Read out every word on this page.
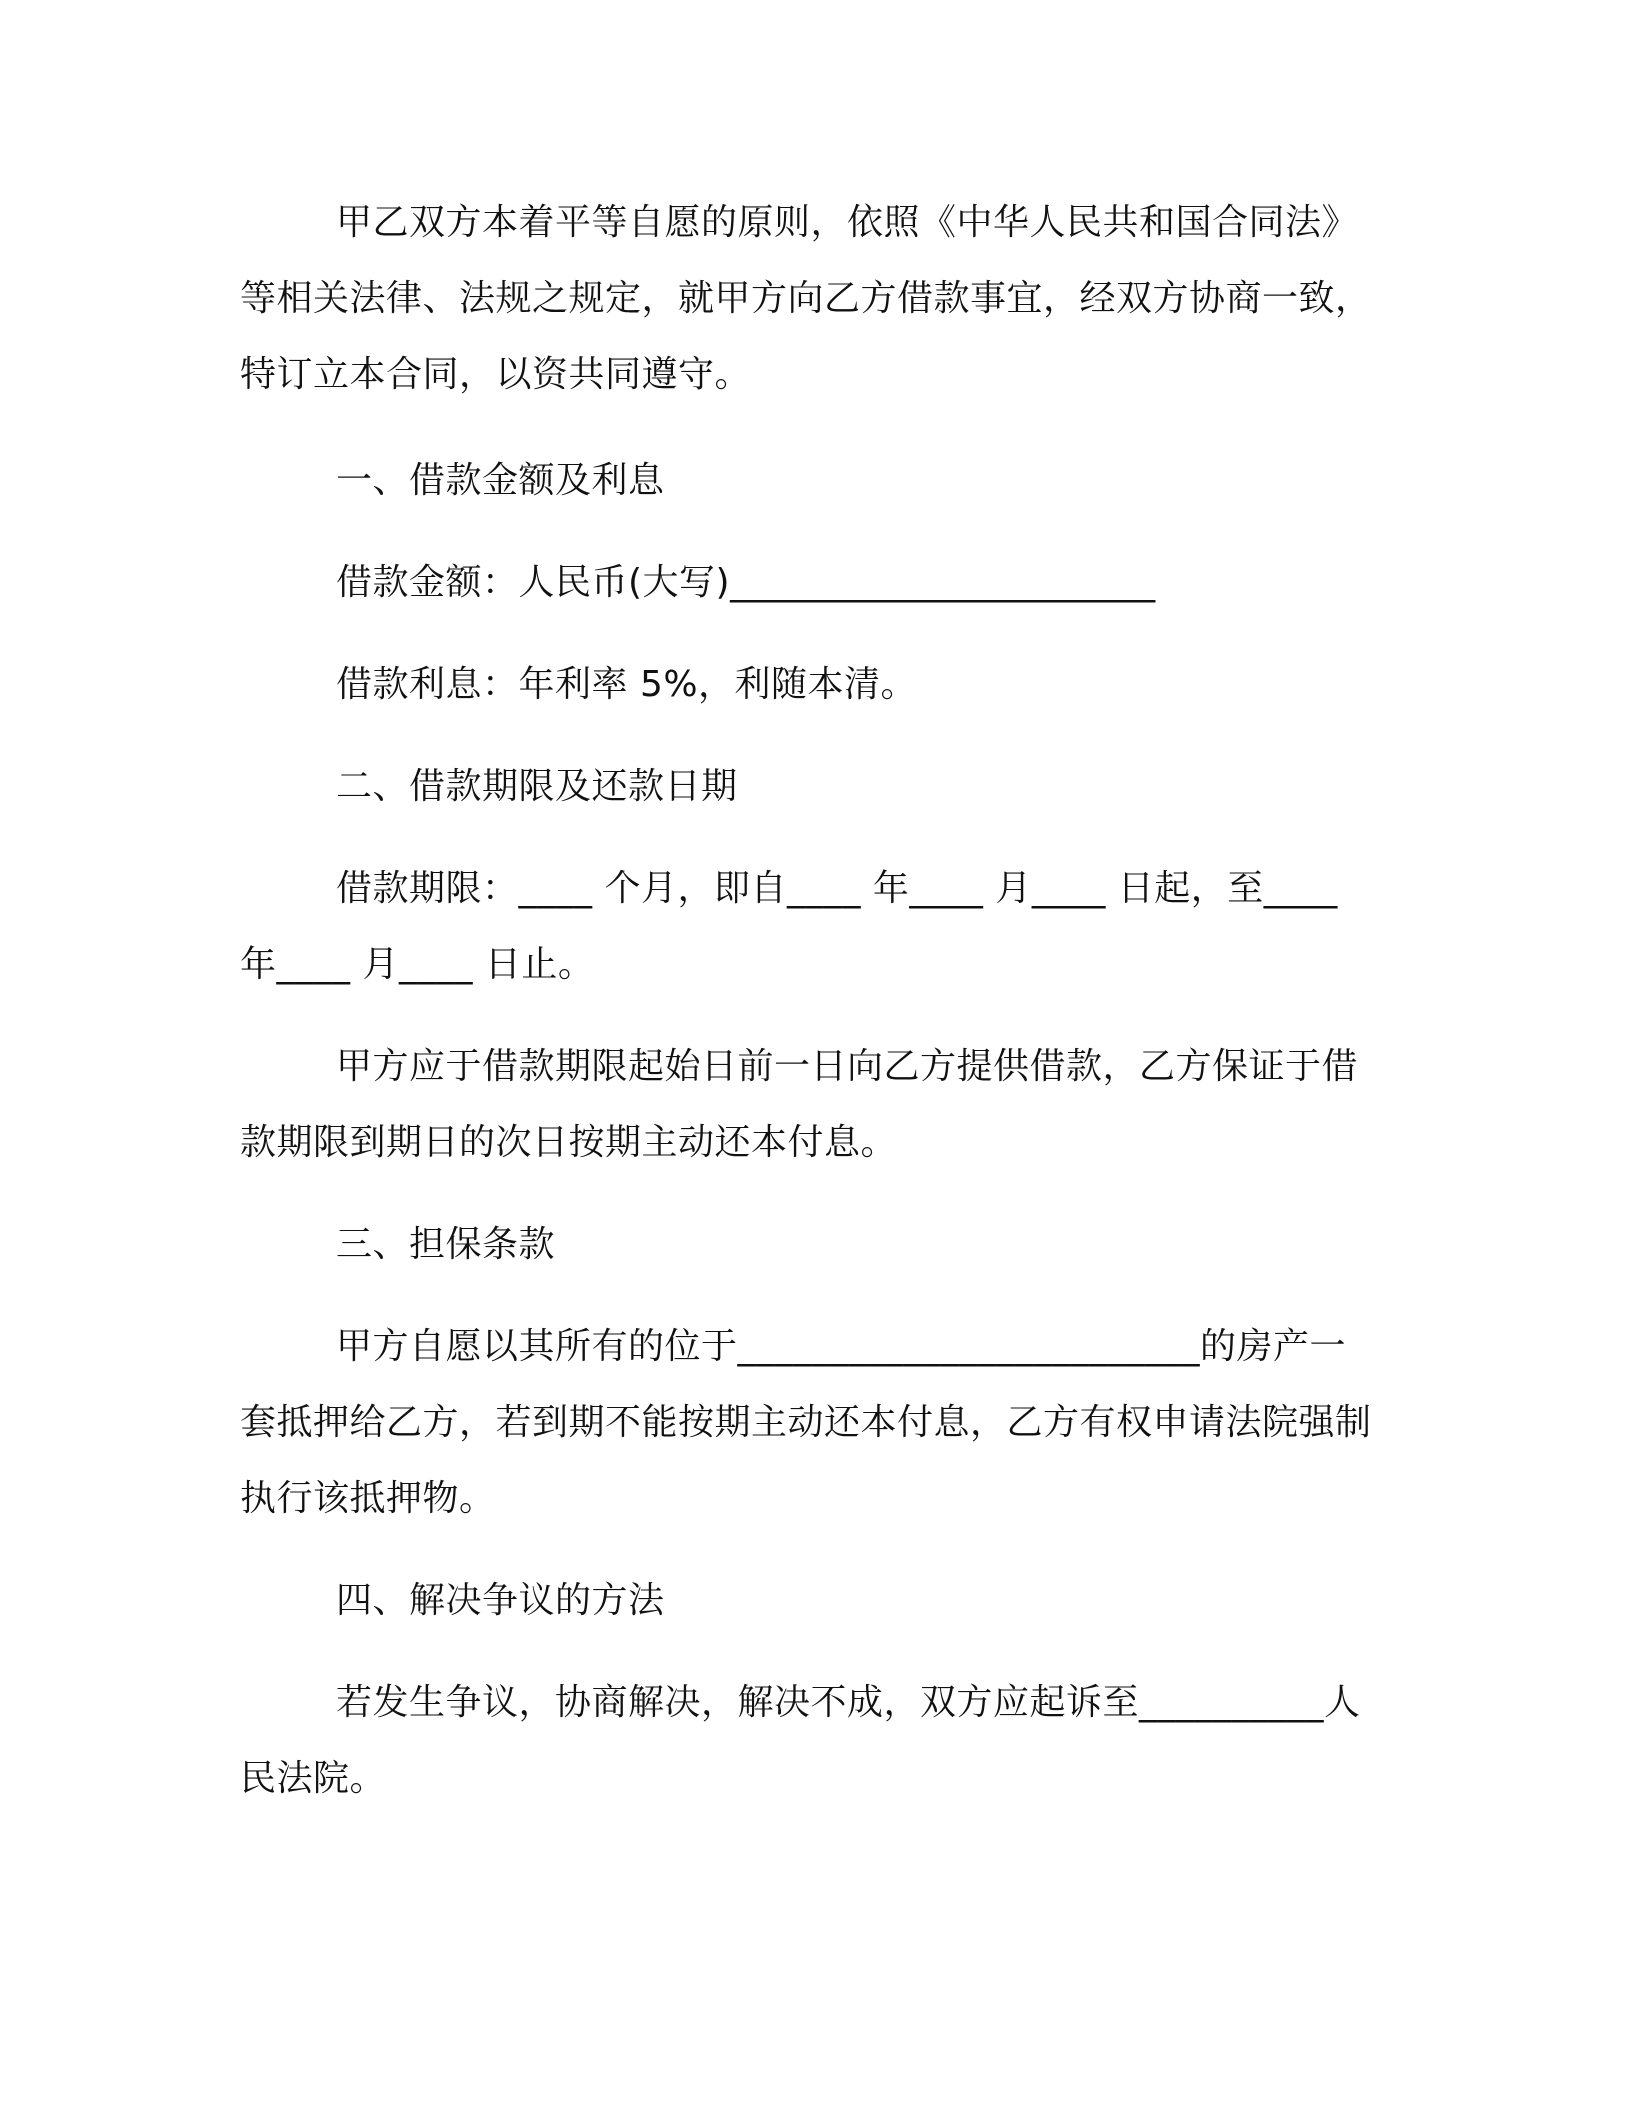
甲乙双方本着平等自愿的原则，依照《中华人民共和国合同法》等相关法律、法规之规定，就甲方向乙方借款事宜，经双方协商一致，特订立本合同，以资共同遵守。

一、借款金额及利息

借款金额：人民币(大写)_______________________

借款利息：年利率 5%，利随本清。

二、借款期限及还款日期

借款期限：____ 个月，即自____ 年____ 月____ 日起，至____ 年____ 月____ 日止。

甲方应于借款期限起始日前一日向乙方提供借款，乙方保证于借款期限到期日的次日按期主动还本付息。

三、担保条款

甲方自愿以其所有的位于_________________________的房产一套抵押给乙方，若到期不能按期主动还本付息，乙方有权申请法院强制执行该抵押物。

四、解决争议的方法

若发生争议，协商解决，解决不成，双方应起诉至__________人民法院。
